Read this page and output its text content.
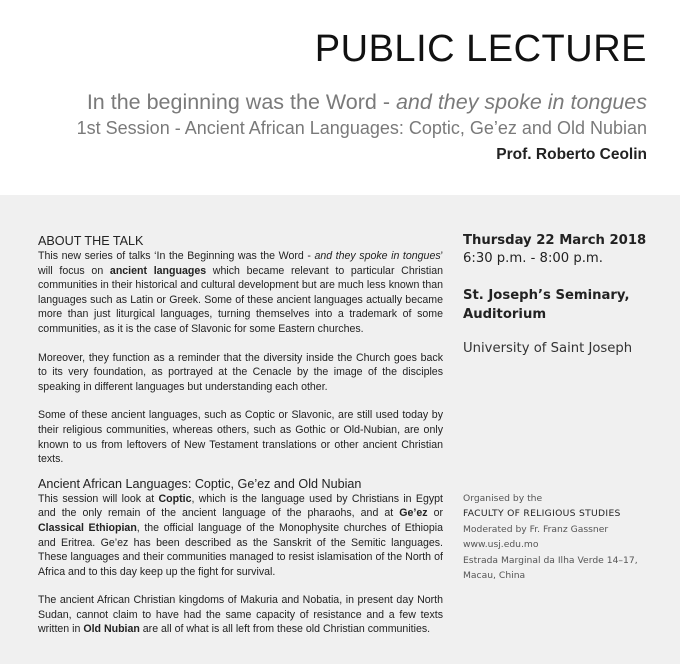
PUBLIC LECTURE
In the beginning was the Word - and they spoke in tongues
1st Session - Ancient African Languages: Coptic, Ge’ez and Old Nubian
Prof. Roberto Ceolin
ABOUT THE TALK

This new series of talks ‘In the Beginning was the Word - and they spoke in tongues’ will focus on ancient languages which became relevant to particular Christian communities in their historical and cultural development but are much less known than languages such as Latin or Greek. Some of these ancient languages actually became more than just liturgical languages, turning themselves into a trademark of some communities, as it is the case of Slavonic for some Eastern churches.

Moreover, they function as a reminder that the diversity inside the Church goes back to its very foundation, as portrayed at the Cenacle by the image of the disciples speaking in different languages but understanding each other.

Some of these ancient languages, such as Coptic or Slavonic, are still used today by their religious communities, whereas others, such as Gothic or Old-Nubian, are only known to us from leftovers of New Testament translations or other ancient Christian texts.

Ancient African Languages: Coptic, Ge’ez and Old Nubian

This session will look at Coptic, which is the language used by Christians in Egypt and the only remain of the ancient language of the pharaohs, and at Ge’ez or Classical Ethiopian, the official language of the Monophysite churches of Ethiopia and Eritrea. Ge’ez has been described as the Sanskrit of the Semitic languages. These languages and their communities managed to resist islamisation of the North of Africa and to this day keep up the fight for survival.

The ancient African Christian kingdoms of Makuria and Nobatia, in present day North Sudan, cannot claim to have had the same capacity of resistance and a few texts written in Old Nubian are all of what is all left from these old Christian communities.

Thursday 22 March 2018
6:30 p.m. - 8:00 p.m.
St. Joseph’s Seminary,
Auditorium
University of Saint Joseph
Organised by the
FACULTY OF RELIGIOUS STUDIES
Moderated by Fr. Franz Gassner
www.usj.edu.mo
Estrada Marginal da Ilha Verde 14–17,
Macau, China
